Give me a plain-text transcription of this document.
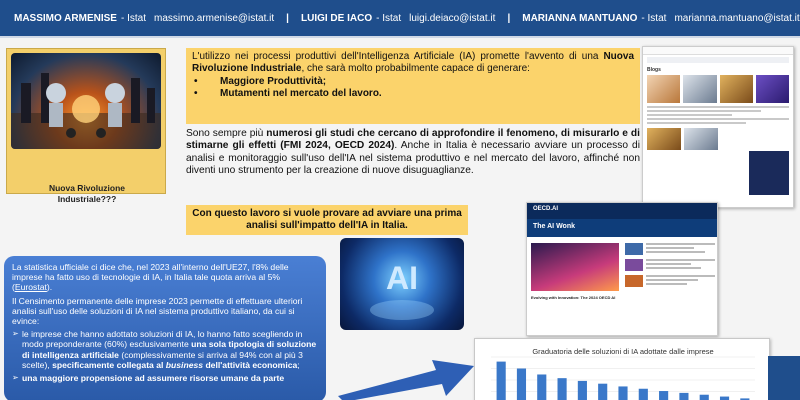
MASSIMO ARMENISE - Istat massimo.armenise@istat.it | LUIGI DE IACO - Istat luigi.deiaco@istat.it | MARIANNA MANTUANO - Istat marianna.mantuano@istat.it
Nuova Rivoluzione
Industriale???
L'utilizzo nei processi produttivi dell'Intelligenza Artificiale (IA) promette l'avvento di una Nuova Rivoluzione Industriale, che sarà molto probabilmente capace di generare:
• Maggiore Produttività;
• Mutamenti nel mercato del lavoro.
Sono sempre più numerosi gli studi che cercano di approfondire il fenomeno, di misurarlo e di stimarne gli effetti (FMI 2024, OECD 2024). Anche in Italia è necessario avviare un processo di analisi e monitoraggio sull'uso dell'IA nel sistema produttivo e nel mercato del lavoro, affinché non diventi uno strumento per la creazione di nuove disuguaglianze.
Con questo lavoro si vuole provare ad avviare una prima
analisi sull'impatto dell'IA in Italia.
Blogs
OECD.AI
The AI Wonk
Evolving with Innovation: The 2024 OECD AI
AI

La statistica ufficiale ci dice che, nel 2023 all'interno dell'UE27, l'8% delle imprese ha fatto uso di tecnologie di IA, in Italia tale quota arriva al 5% (Eurostat).

Il Censimento permanente delle imprese 2023 permette di effettuare ulteriori analisi sull'uso delle soluzioni di IA nel sistema produttivo italiano, da cui si evince:

➢ le imprese che hanno adottato soluzioni di IA, lo hanno fatto scegliendo in modo preponderante (60%) esclusivamente una sola tipologia di soluzione di intelligenza artificiale (complessivamente si arriva al 94% con al più 3 scelte), specificamente collegata al business dell'attività economica;
➢ una maggiore propensione ad assumere risorse umane da parte
Graduatoria delle soluzioni di IA adottate dalle imprese
